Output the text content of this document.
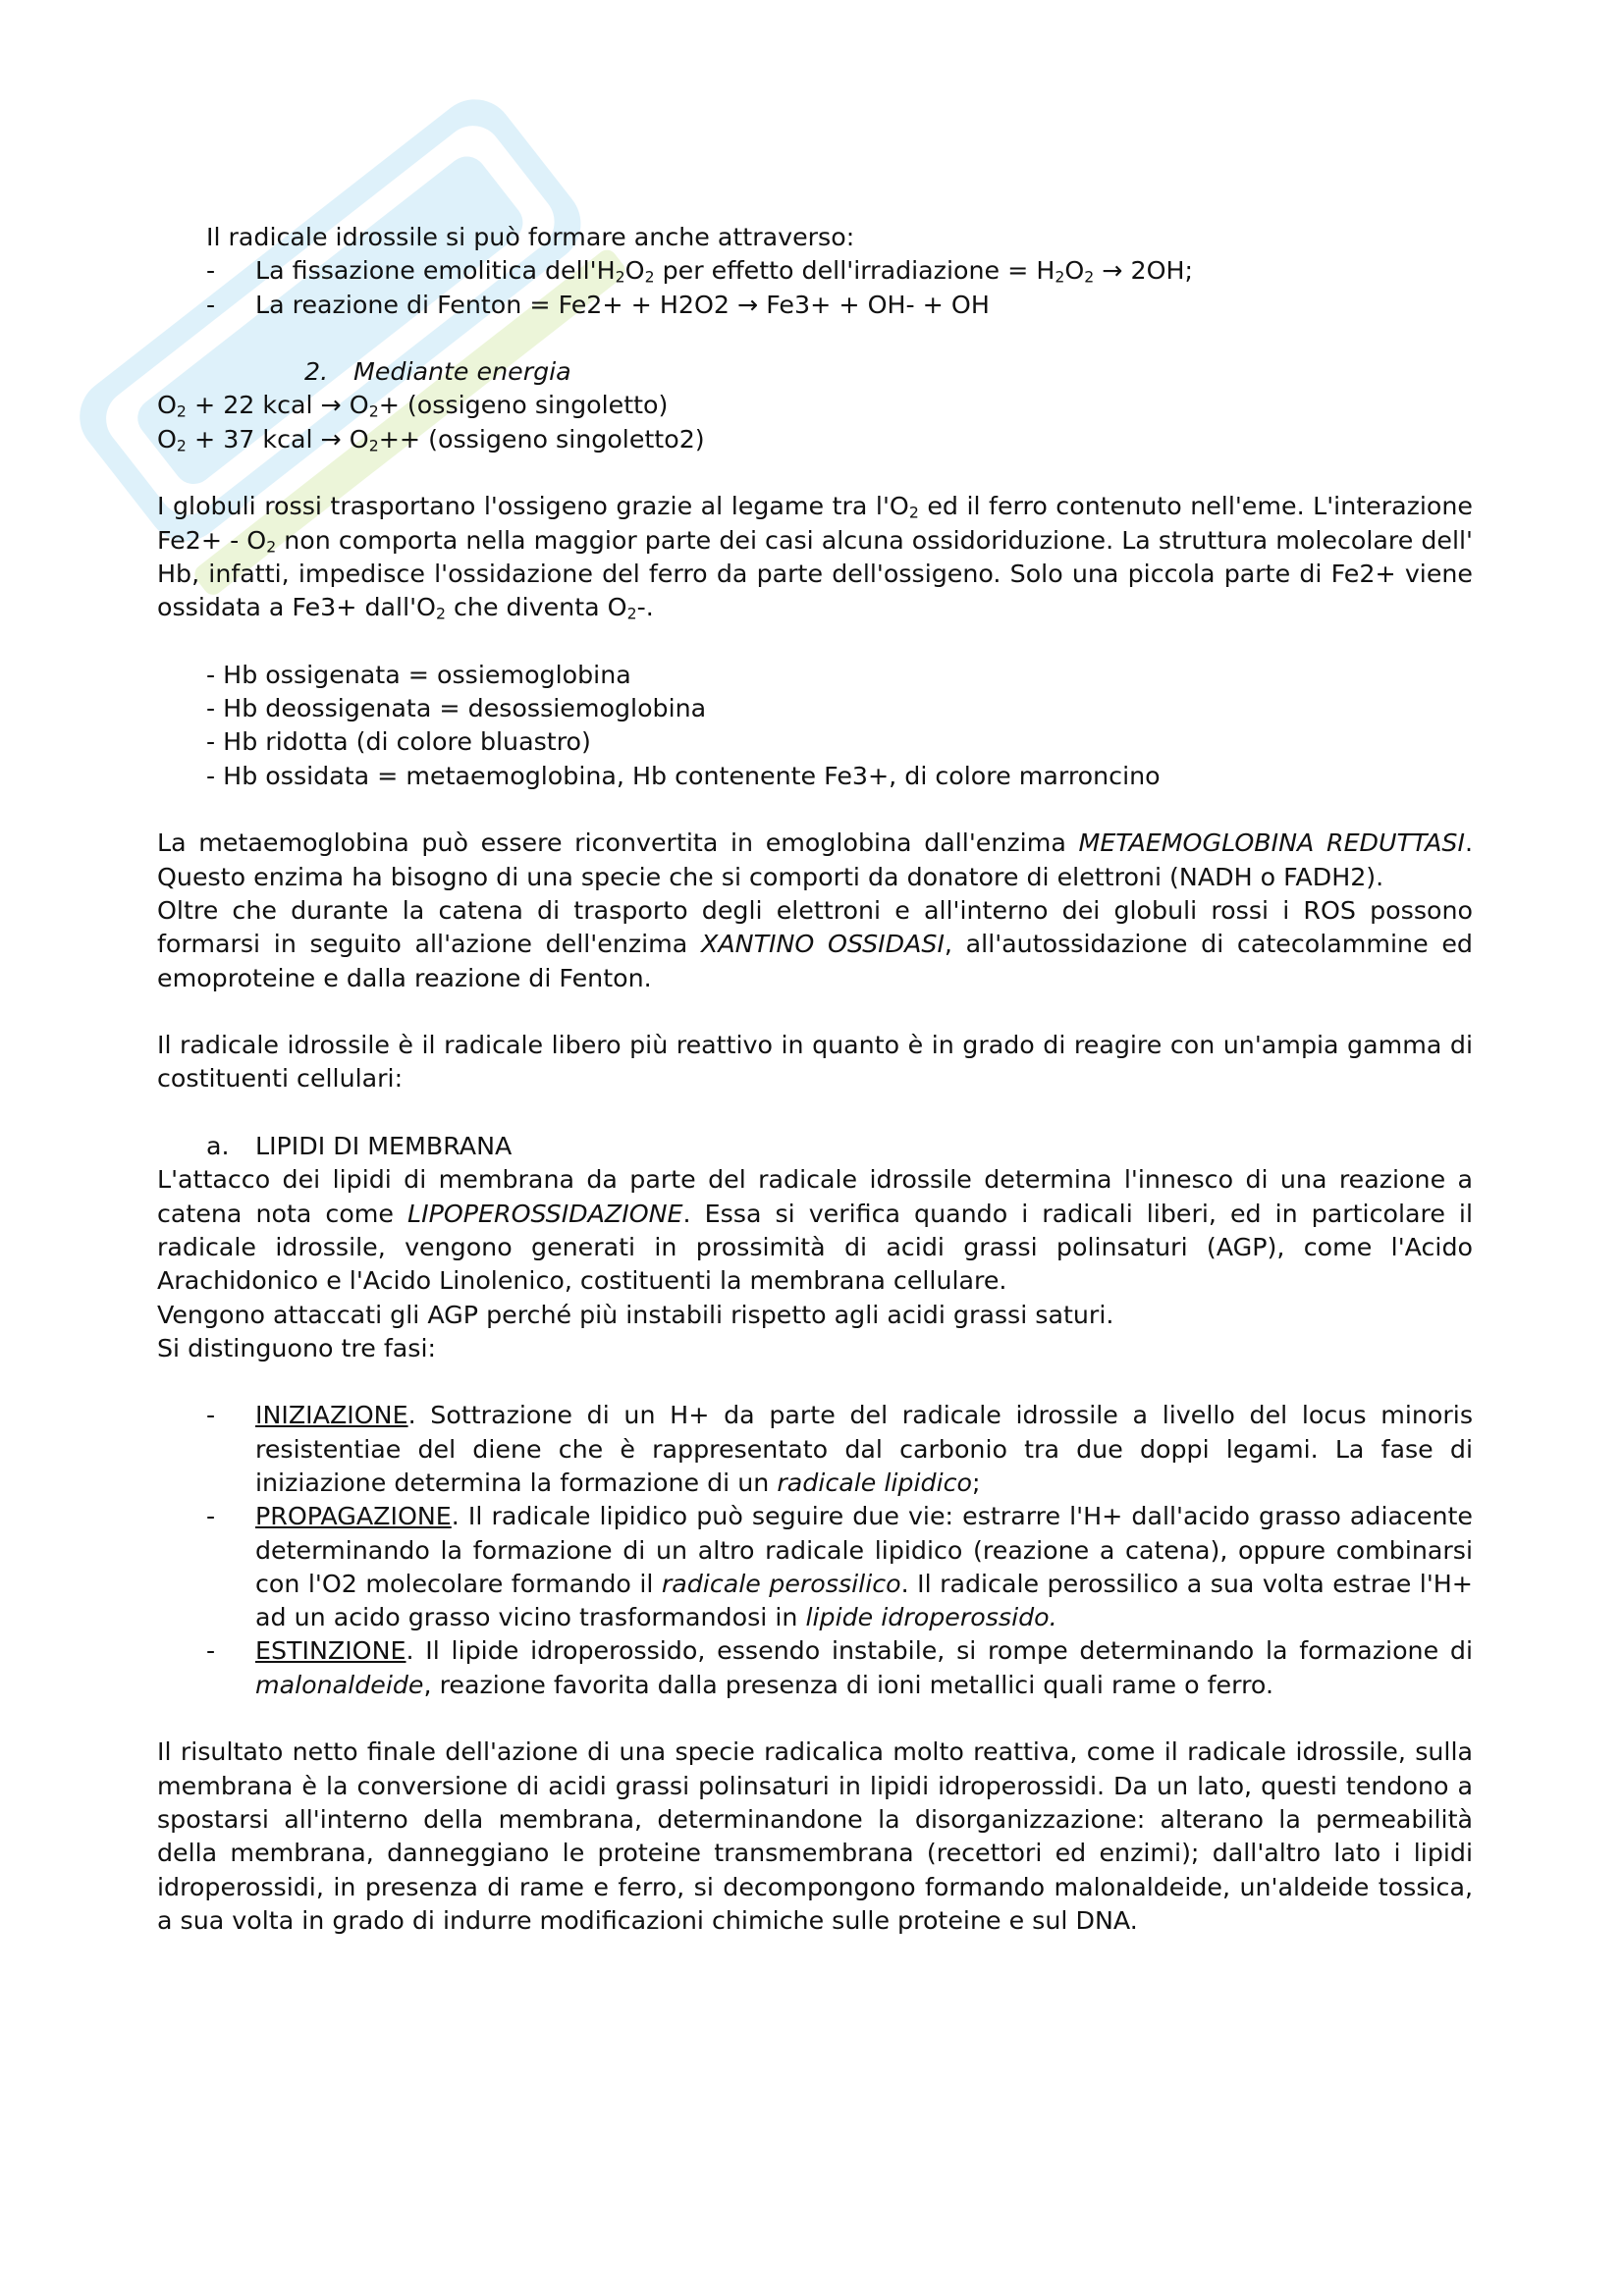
Il radicale idrossile si può formare anche attraverso:

- La fissazione emolitica $dell'H_2O_2$ per effetto dell'irradiazione = $H_2O_2 \to 2OH$;
- La reazione di Fenton = Fe2+ + H2O2 → Fe3+ + OH- + OH

2. Mediante energia

$O_2 + 22$ kcal → $O_2+$ (ossigeno singoletto)

$O_2 + 37$ kcal → $O_2++$ (ossigeno singoletto2)

I globuli rossi trasportano l'ossigeno grazie al legame tra $l'O_2$ ed il ferro contenuto nell'eme. L'interazione $Fe2+ - O_2$ non comporta nella maggior parte dei casi alcuna ossidoriduzione. La struttura molecolare dell' Hb, infatti, impedisce l'ossidazione del ferro da parte dell'ossigeno. Solo una piccola parte di Fe2+ viene ossidata a $Fe3+ dall'O_2$ che diventa $O_2-$.

- Hb ossigenata = ossiemoglobina
- Hb deossigenata = desossiemoglobina
- Hb ridotta (di colore bluastro)
- Hb ossidata = metaemoglobina, Hb contenente Fe3+, di colore marroncino

La metaemoglobina può essere riconvertita in emoglobina dall'enzima METAEMOGLOBINA REDUTTASI. Questo enzima ha bisogno di una specie che si comporti da donatore di elettroni (NADH o FADH2).

Oltre che durante la catena di trasporto degli elettroni e all'interno dei globuli rossi i ROS possono formarsi in seguito all'azione dell'enzima XANTINO OSSIDASI, all'autossidazione di catecolammine ed emoproteine e dalla reazione di Fenton.

Il radicale idrossile è il radicale libero più reattivo in quanto è in grado di reagire con un'ampia gamma di costituenti cellulari:

a. LIPIDI DI MEMBRANA

L'attacco dei lipidi di membrana da parte del radicale idrossile determina l'innesco di una reazione a catena nota come LIPOPEROSSIDAZIONE. Essa si verifica quando i radicali liberi, ed in particolare il radicale idrossile, vengono generati in prossimità di acidi grassi polinsaturi (AGP), come l'Acido Arachidonico e l'Acido Linolenico, costituenti la membrana cellulare.

Vengono attaccati gli AGP perché più instabili rispetto agli acidi grassi saturi.

Si distinguono tre fasi:

- INIZIAZIONE. Sottrazione di un H+ da parte del radicale idrossile a livello del locus minoris resistentiae del diene che è rappresentato dal carbonio tra due doppi legami. La fase di iniziazione determina la formazione di un radicale lipidico;
- PROPAGAZIONE. Il radicale lipidico può seguire due vie: estrarre l'H+ dall'acido grasso adiacente determinando la formazione di un altro radicale lipidico (reazione a catena), oppure combinarsi con l'O2 molecolare formando il radicale perossilico. Il radicale perossilico a sua volta estrae l'H+ ad un acido grasso vicino trasformandosi in lipide idroperossido.
- ESTINZIONE. Il lipide idroperossido, essendo instabile, si rompe determinando la formazione di malonaldeide, reazione favorita dalla presenza di ioni metallici quali rame o ferro.

Il risultato netto finale dell'azione di una specie radicalica molto reattiva, come il radicale idrossile, sulla membrana è la conversione di acidi grassi polinsaturi in lipidi idroperossidi. Da un lato, questi tendono a spostarsi all'interno della membrana, determinandone la disorganizzazione: alterano la permeabilità della membrana, danneggiano le proteine transmembrana (recettori ed enzimi); dall'altro lato i lipidi idroperossidi, in presenza di rame e ferro, si decompongono formando malonaldeide, un'aldeide tossica, a sua volta in grado di indurre modificazioni chimiche sulle proteine e sul DNA.
